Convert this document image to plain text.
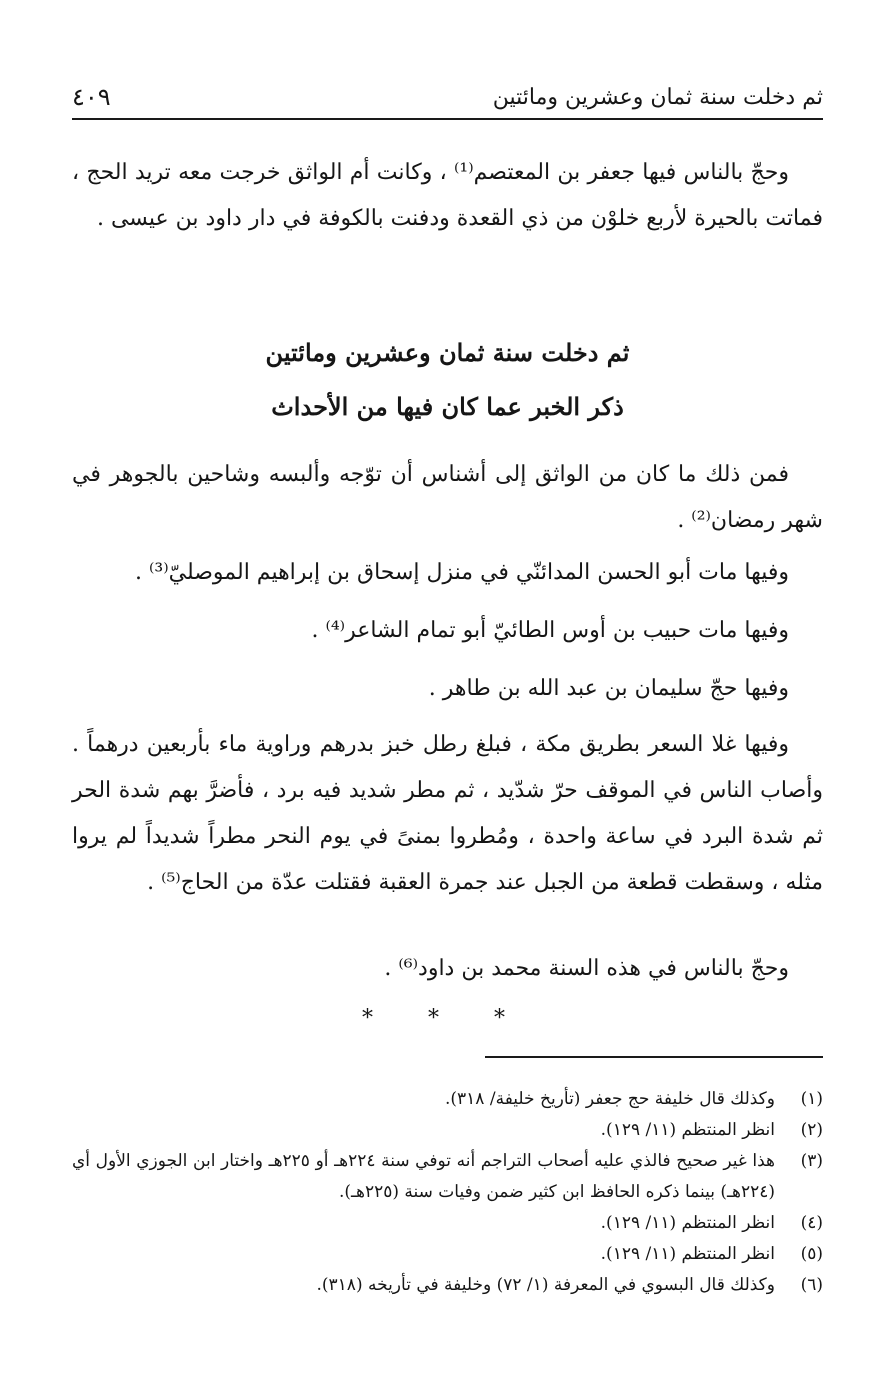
ثم دخلت سنة ثمان وعشرين ومائتين
٤٠٩

وحجّ بالناس فيها جعفر بن المعتصم⁽¹⁾ ، وكانت أم الواثق خرجت معه تريد الحج ، فماتت بالحيرة لأربع خلوْن من ذي القعدة ودفنت بالكوفة في دار داود بن عيسى .

ثم دخلت سنة ثمان وعشرين ومائتين
ذكر الخبر عما كان فيها من الأحداث

فمن ذلك ما كان من الواثق إلى أشناس أن توّجه وألبسه وشاحين بالجوهر في شهر رمضان⁽²⁾ .

وفيها مات أبو الحسن المدائنّي في منزل إسحاق بن إبراهيم الموصليّ⁽³⁾ .

وفيها مات حبيب بن أوس الطائيّ أبو تمام الشاعر⁽⁴⁾ .

وفيها حجّ سليمان بن عبد الله بن طاهر .

وفيها غلا السعر بطريق مكة ، فبلغ رطل خبز بدرهم وراوية ماء بأربعين درهماً . وأصاب الناس في الموقف حرّ شدّيد ، ثم مطر شديد فيه برد ، فأضرَّ بهم شدة الحر ثم شدة البرد في ساعة واحدة ، ومُطروا بمنىً في يوم النحر مطراً شديداً لم يروا مثله ، وسقطت قطعة من الجبل عند جمرة العقبة فقتلت عدّة من الحاج⁽⁵⁾ .

وحجّ بالناس في هذه السنة محمد بن داود⁽⁶⁾ .

* * *
(١)
وكذلك قال خليفة حج جعفر (تأريخ خليفة/ ٣١٨).
(٢)
انظر المنتظم (١١/ ١٢٩).
(٣)
هذا غير صحيح فالذي عليه أصحاب التراجم أنه توفي سنة ٢٢٤هـ أو ٢٢٥هـ واختار ابن الجوزي الأول أي (٢٢٤هـ) بينما ذكره الحافظ ابن كثير ضمن وفيات سنة (٢٢٥هـ).
(٤)
انظر المنتظم (١١/ ١٢٩).
(٥)
انظر المنتظم (١١/ ١٢٩).
(٦)
وكذلك قال البسوي في المعرفة (١/ ٧٢) وخليفة في تأريخه (٣١٨).
